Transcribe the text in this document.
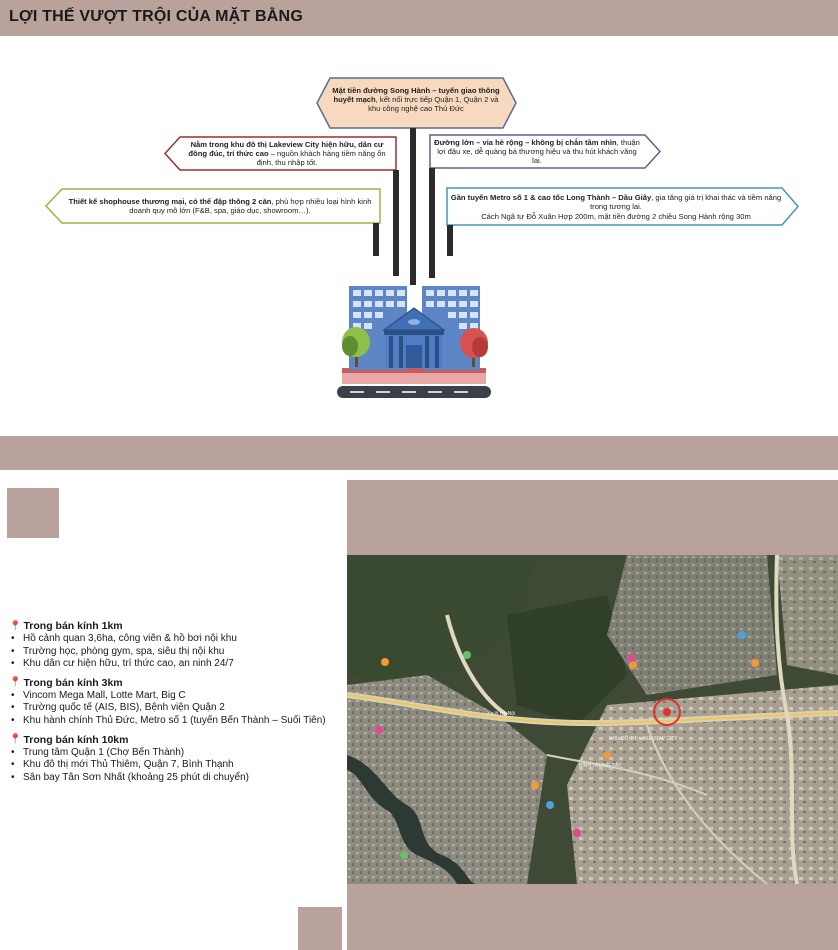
LỢI THẾ VƯỢT TRỘI CỦA MẶT BẰNG
Mặt tiền đường Song Hành – tuyến giao thông huyết mạch, kết nối trực tiếp Quận 1, Quận 2 và khu công nghệ cao Thủ Đức
Nằm trong khu đô thị Lakeview City hiện hữu, dân cư đông đúc, trí thức cao – nguồn khách hàng tiềm năng ổn định, thu nhập tốt.
Đường lớn – vỉa hè rộng – không bị chắn tầm nhìn, thuận lợi đậu xe, dễ quảng bá thương hiệu và thu hút khách vãng lai.
Thiết kế shophouse thương mại, có thể đập thông 2 căn, phù hợp nhiều loại hình kinh doanh quy mô lớn (F&B, spa, giáo dục, showroom…).
Gần tuyến Metro số 1 & cao tốc Long Thành – Dầu Giây, gia tăng giá trị khai thác và tiềm năng trong tương lai.
Cách Ngã tư Đỗ Xuân Hợp 200m, mặt tiền đường 2 chiều Song Hành rộng 30m
KHU ĐÔ THỊ LAKEVIEW CITY
BÌNH TRƯNG TÂY
Xa lộ Hà Nội
📍 Trong bán kính 1km
• Hồ cảnh quan 3,6ha, công viên & hồ bơi nội khu
• Trường học, phòng gym, spa, siêu thị nội khu
• Khu dân cư hiện hữu, trí thức cao, an ninh 24/7
📍 Trong bán kính 3km
• Vincom Mega Mall, Lotte Mart, Big C
• Trường quốc tế (AIS, BIS), Bệnh viện Quận 2
• Khu hành chính Thủ Đức, Metro số 1 (tuyến Bến Thành – Suối Tiên)
📍 Trong bán kính 10km
• Trung tâm Quận 1 (Chợ Bến Thành)
• Khu đô thị mới Thủ Thiêm, Quận 7, Bình Thạnh
• Sân bay Tân Sơn Nhất (khoảng 25 phút di chuyển)
